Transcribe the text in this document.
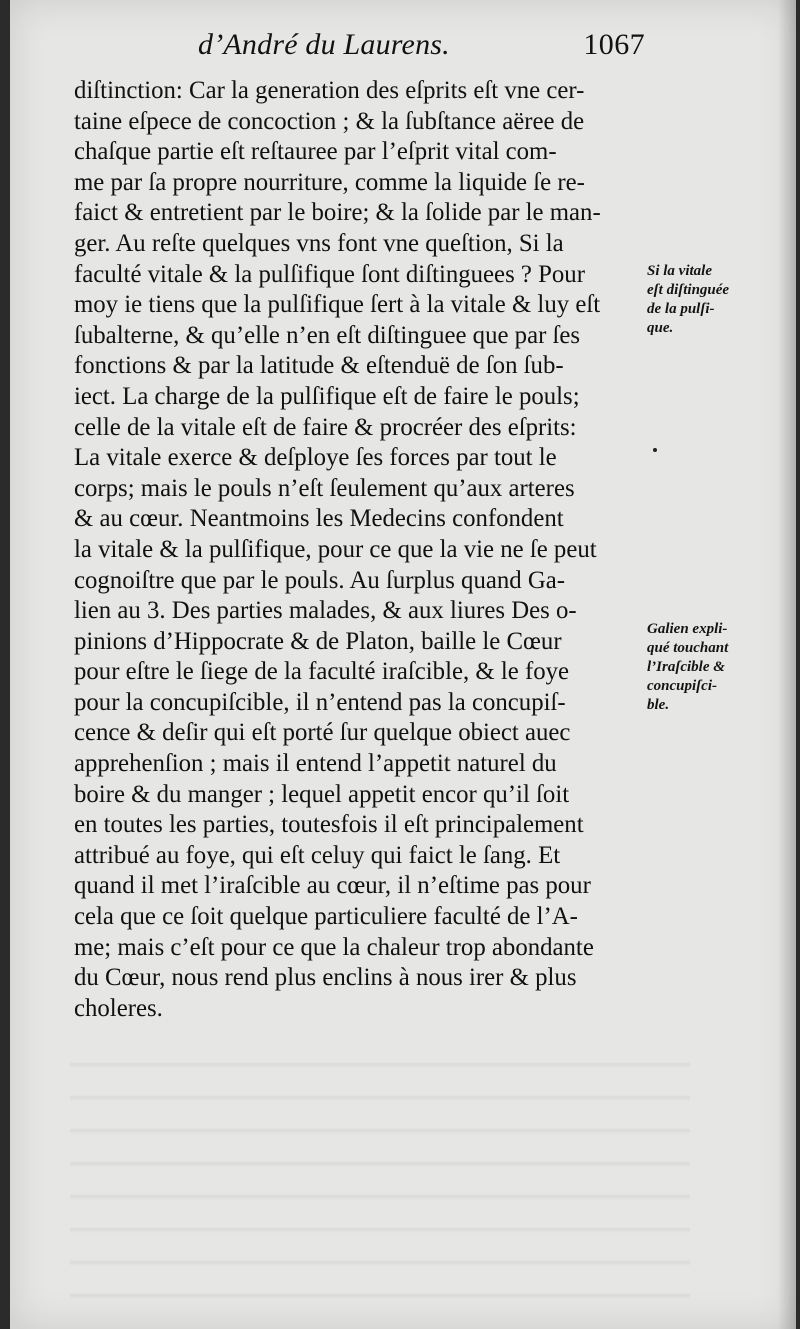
d’André du Laurens.	1067
diſtinction: Car la generation des eſprits eſt vne cer-
taine eſpece de concoction ; & la ſubſtance aëree de
chaſque partie eſt reſtauree par l’eſprit vital com-
me par ſa propre nourriture, comme la liquide ſe re-
faict & entretient par le boire; & la ſolide par le man-
ger. Au reſte quelques vns font vne queſtion, Si la
faculté vitale & la pulſifique ſont diſtinguees ? Pour
moy ie tiens que la pulſifique ſert à la vitale & luy eſt
ſubalterne, & qu’elle n’en eſt diſtinguee que par ſes
fonctions & par la latitude & eſtenduë de ſon ſub-
iect. La charge de la pulſifique eſt de faire le pouls;
celle de la vitale eſt de faire & procréer des eſprits:
La vitale exerce & deſploye ſes forces par tout le
corps; mais le pouls n’eſt ſeulement qu’aux arteres
& au cœur. Neantmoins les Medecins confondent
la vitale & la pulſifique, pour ce que la vie ne ſe peut
cognoiſtre que par le pouls. Au ſurplus quand Ga-
lien au 3. Des parties malades, & aux liures Des o-
pinions d’Hippocrate & de Platon, baille le Cœur
pour eſtre le ſiege de la faculté iraſcible, & le foye
pour la concupiſcible, il n’entend pas la concupiſ-
cence & deſir qui eſt porté ſur quelque obiect auec
apprehenſion ; mais il entend l’appetit naturel du
boire & du manger ; lequel appetit encor qu’il ſoit
en toutes les parties, toutesfois il eſt principalement
attribué au foye, qui eſt celuy qui faict le ſang. Et
quand il met l’iraſcible au cœur, il n’eſtime pas pour
cela que ce ſoit quelque particuliere faculté de l’A-
me; mais c’eſt pour ce que la chaleur trop abondante
du Cœur, nous rend plus enclins à nous irer & plus
choleres.
Si la vitale
eſt diſtinguée
de la pulſi-
que.
Galien expli-
qué touchant
l’Iraſcible &
concupiſci-
ble.
